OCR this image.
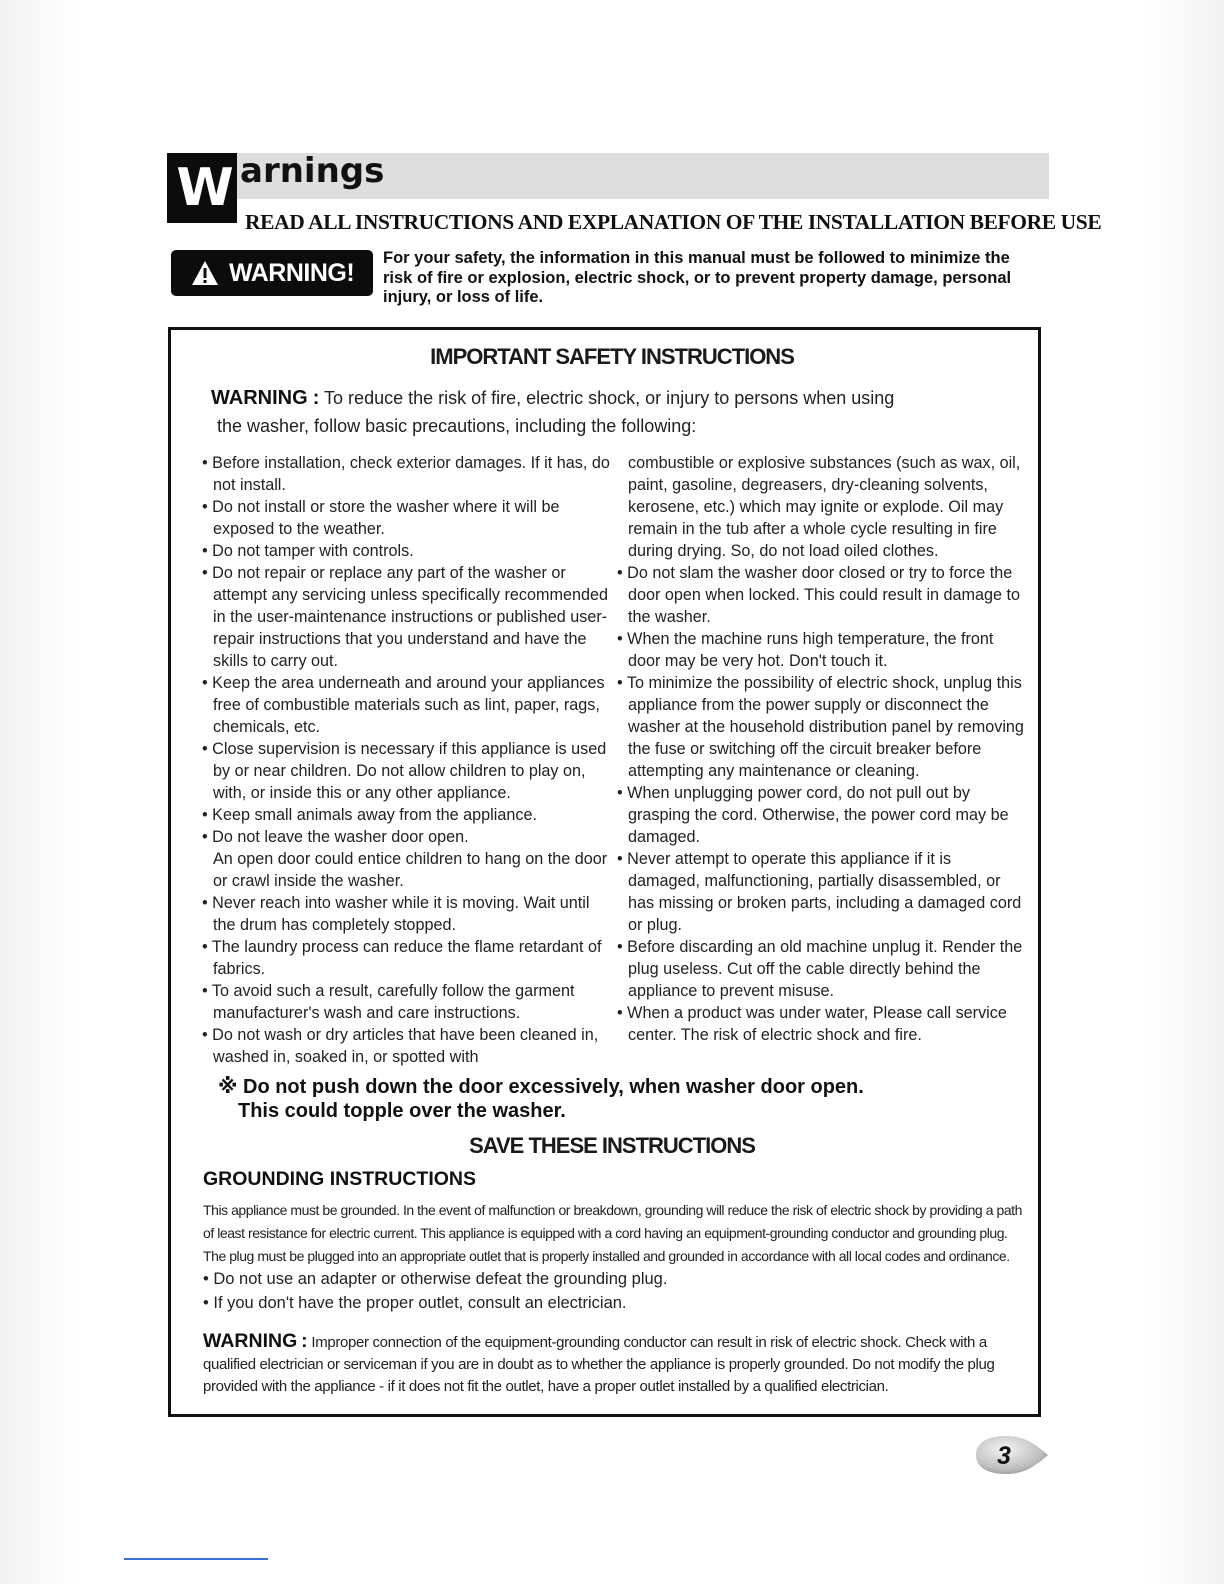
W arnings
READ ALL INSTRUCTIONS AND EXPLANATION OF THE INSTALLATION BEFORE USE
WARNING!
For your safety, the information in this manual must be followed to minimize the risk of fire or explosion, electric shock, or to prevent property damage, personal injury, or loss of life.
IMPORTANT SAFETY INSTRUCTIONS
WARNING : To reduce the risk of fire, electric shock, or injury to persons when using
the washer, follow basic precautions, including the following:

• Before installation, check exterior damages. If it has, do not install.

• Do not install or store the washer where it will be exposed to the weather.

• Do not tamper with controls.

• Do not repair or replace any part of the washer or attempt any servicing unless specifically recommended in the user-maintenance instructions or published user-repair instructions that you understand and have the skills to carry out.

• Keep the area underneath and around your appliances free of combustible materials such as lint, paper, rags, chemicals, etc.

• Close supervision is necessary if this appliance is used by or near children. Do not allow children to play on, with, or inside this or any other appliance.

• Keep small animals away from the appliance.

• Do not leave the washer door open.

An open door could entice children to hang on the door or crawl inside the washer.

• Never reach into washer while it is moving. Wait until the drum has completely stopped.

• The laundry process can reduce the flame retardant of fabrics.

• To avoid such a result, carefully follow the garment manufacturer's wash and care instructions.

• Do not wash or dry articles that have been cleaned in, washed in, soaked in, or spotted with

combustible or explosive substances (such as wax, oil, paint, gasoline, degreasers, dry-cleaning solvents, kerosene, etc.) which may ignite or explode. Oil may remain in the tub after a whole cycle resulting in fire during drying. So, do not load oiled clothes.

• Do not slam the washer door closed or try to force the door open when locked. This could result in damage to the washer.

• When the machine runs high temperature, the front door may be very hot. Don't touch it.

• To minimize the possibility of electric shock, unplug this appliance from the power supply or disconnect the washer at the household distribution panel by removing the fuse or switching off the circuit breaker before attempting any maintenance or cleaning.

• When unplugging power cord, do not pull out by grasping the cord. Otherwise, the power cord may be damaged.

• Never attempt to operate this appliance if it is damaged, malfunctioning, partially disassembled, or has missing or broken parts, including a damaged cord or plug.

• Before discarding an old machine unplug it. Render the plug useless. Cut off the cable directly behind the appliance to prevent misuse.

• When a product was under water, Please call service center. The risk of electric shock and fire.

※ Do not push down the door excessively, when washer door open.
This could topple over the washer.
SAVE THESE INSTRUCTIONS
GROUNDING INSTRUCTIONS
This appliance must be grounded. In the event of malfunction or breakdown, grounding will reduce the risk of electric shock by providing a path of least resistance for electric current. This appliance is equipped with a cord having an equipment-grounding conductor and grounding plug. The plug must be plugged into an appropriate outlet that is properly installed and grounded in accordance with all local codes and ordinance.

• Do not use an adapter or otherwise defeat the grounding plug.

• If you don't have the proper outlet, consult an electrician.

WARNING : Improper connection of the equipment-grounding conductor can result in risk of electric shock. Check with a qualified electrician or serviceman if you are in doubt as to whether the appliance is properly grounded. Do not modify the plug provided with the appliance - if it does not fit the outlet, have a proper outlet installed by a qualified electrician.
3
